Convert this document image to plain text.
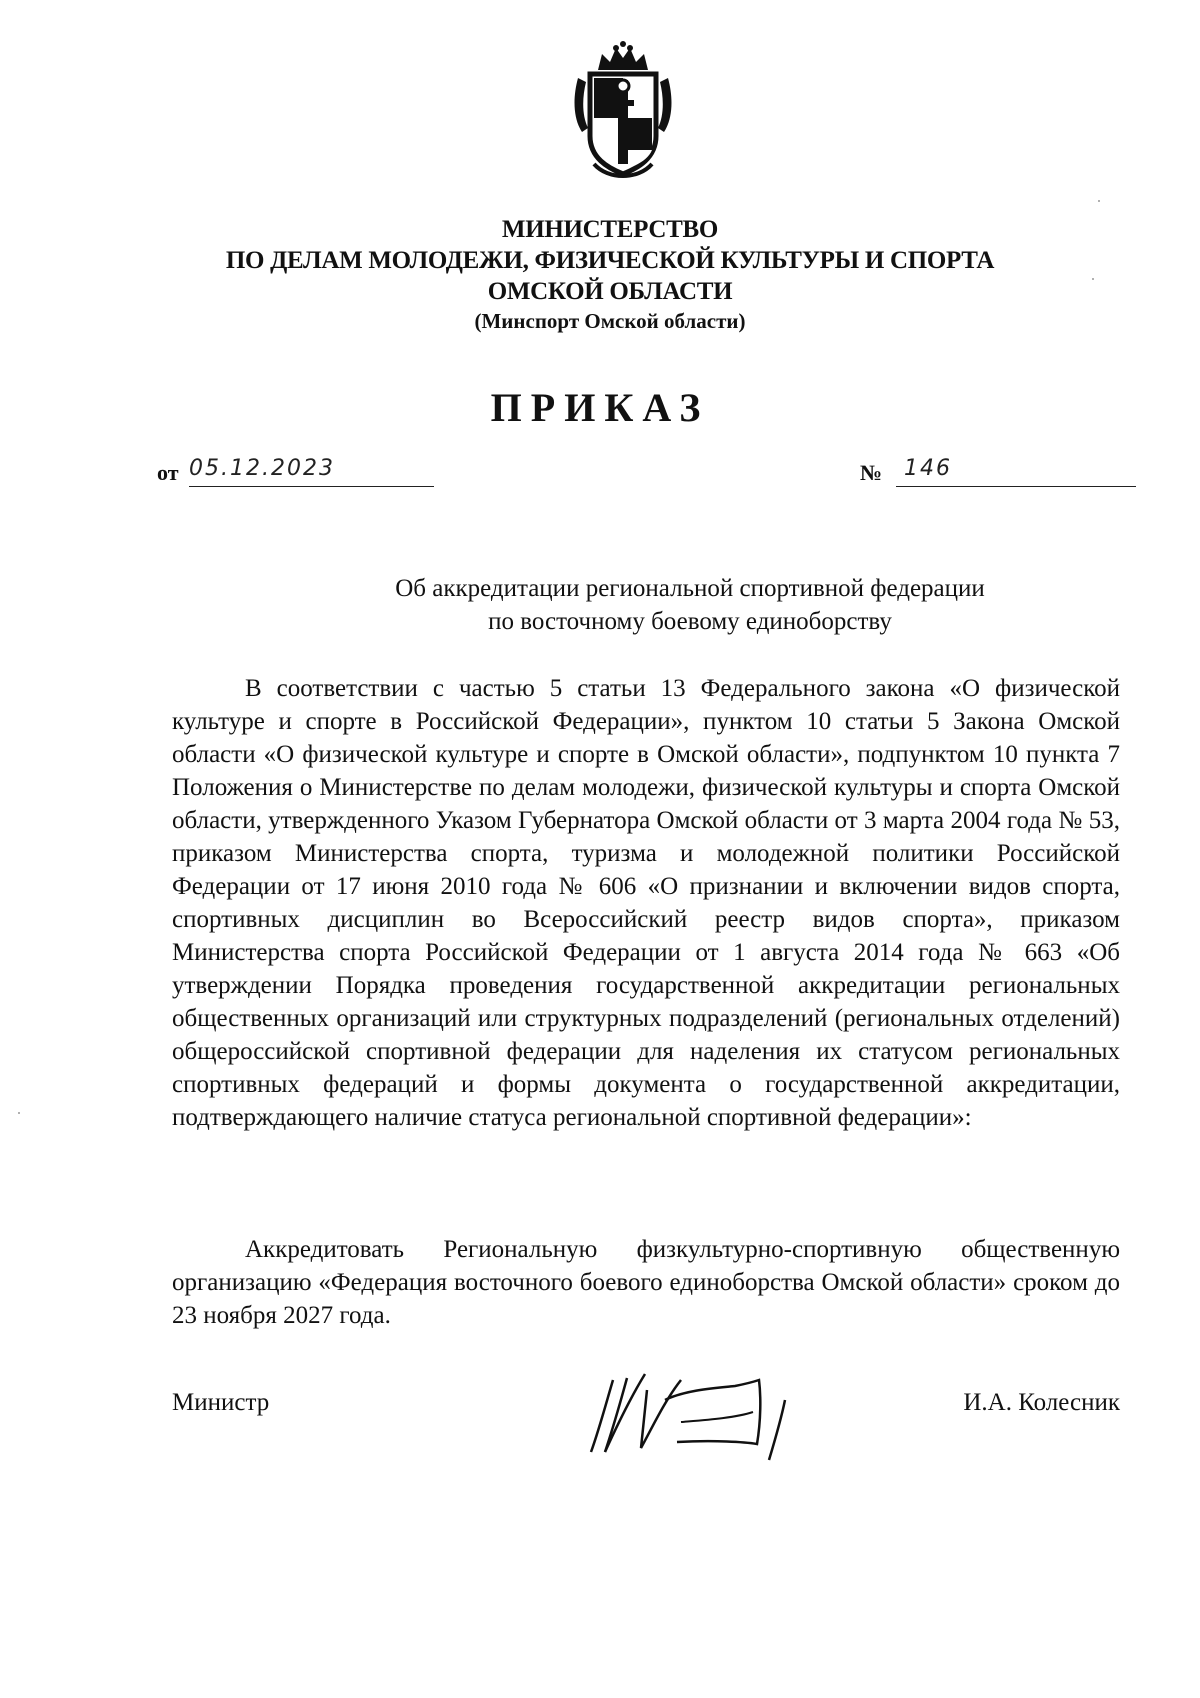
МИНИСТЕРСТВО
ПО ДЕЛАМ МОЛОДЕЖИ, ФИЗИЧЕСКОЙ КУЛЬТУРЫ И СПОРТА
ОМСКОЙ ОБЛАСТИ
(Минспорт Омской области)
ПРИКАЗ
от 05.12.2023	№ 146
Об аккредитации региональной спортивной федерации
по восточному боевому единоборству

В соответствии с частью 5 статьи 13 Федерального закона «О физической культуре и спорте в Российской Федерации», пунктом 10 статьи 5 Закона Омской области «О физической культуре и спорте в Омской области», подпунктом 10 пункта 7 Положения о Министерстве по делам молодежи, физической культуры и спорта Омской области, утвержденного Указом Губернатора Омской области от 3 марта 2004 года № 53, приказом Министерства спорта, туризма и молодежной политики Российской Федерации от 17 июня 2010 года № 606 «О признании и включении видов спорта, спортивных дисциплин во Всероссийский реестр видов спорта», приказом Министерства спорта Российской Федерации от 1 августа 2014 года № 663 «Об утверждении Порядка проведения государственной аккредитации региональных общественных организаций или структурных подразделений (региональных отделений) общероссийской спортивной федерации для наделения их статусом региональных спортивных федераций и формы документа о государственной аккредитации, подтверждающего наличие статуса региональной спортивной федерации»:

Аккредитовать Региональную физкультурно-спортивную общественную организацию «Федерация восточного боевого единоборства Омской области» сроком до 23 ноября 2027 года.

Министр	И.А. Колесник
